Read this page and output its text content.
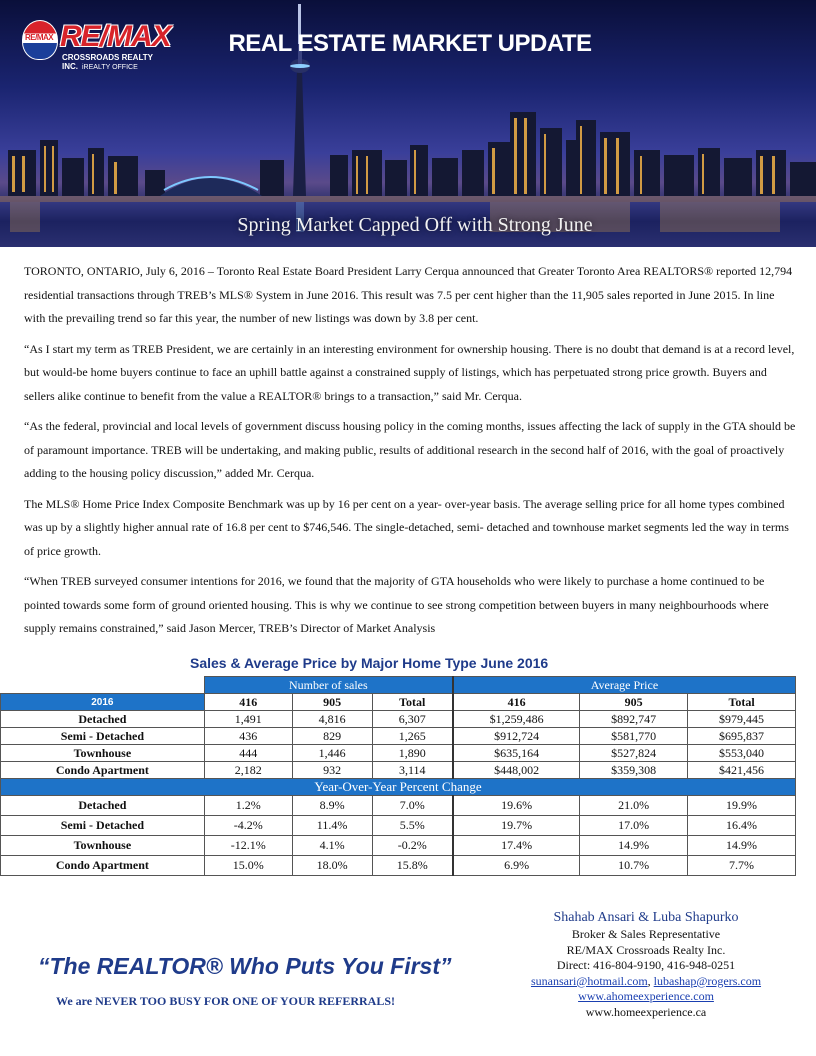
RE/MAX RE/MAX
CROSSROADS REALTY INC. iREALTY OFFICE
REAL ESTATE MARKET UPDATE
Spring Market Capped Off with Strong June

TORONTO, ONTARIO, July 6, 2016 – Toronto Real Estate Board President Larry Cerqua announced that Greater Toronto Area REALTORS® reported 12,794 residential transactions through TREB’s MLS® System in June 2016. This result was 7.5 per cent higher than the 11,905 sales reported in June 2015. In line with the prevailing trend so far this year, the number of new listings was down by 3.8 per cent.

“As I start my term as TREB President, we are certainly in an interesting environment for ownership housing. There is no doubt that demand is at a record level, but would-be home buyers continue to face an uphill battle against a constrained supply of listings, which has perpetuated strong price growth. Buyers and sellers alike continue to benefit from the value a REALTOR® brings to a transaction,” said Mr. Cerqua.

“As the federal, provincial and local levels of government discuss housing policy in the coming months, issues affecting the lack of supply in the GTA should be of paramount importance. TREB will be undertaking, and making public, results of additional research in the second half of 2016, with the goal of proactively adding to the housing policy discussion,” added Mr. Cerqua.

The MLS® Home Price Index Composite Benchmark was up by 16 per cent on a year- over-year basis. The average selling price for all home types combined was up by a slightly higher annual rate of 16.8 per cent to $746,546. The single-detached, semi- detached and townhouse market segments led the way in terms of price growth.

“When TREB surveyed consumer intentions for 2016, we found that the majority of GTA households who were likely to purchase a home continued to be pointed towards some form of ground oriented housing. This is why we continue to see strong competition between buyers in many neighbourhoods where supply remains constrained,” said Jason Mercer, TREB’s Director of Market Analysis

Sales & Average Price by Major Home Type June 2016
	Number of sales			Average Price		
2016	416	905	Total	416	905	Total
Detached	1,491	4,816	6,307	$1,259,486	$892,747	$979,445
Semi - Detached	436	829	1,265	$912,724	$581,770	$695,837
Townhouse	444	1,446	1,890	$635,164	$527,824	$553,040
Condo Apartment	2,182	932	3,114	$448,002	$359,308	$421,456
Year-Over-Year Percent Change						
Detached	1.2%	8.9%	7.0%	19.6%	21.0%	19.9%
Semi - Detached	-4.2%	11.4%	5.5%	19.7%	17.0%	16.4%
Townhouse	-12.1%	4.1%	-0.2%	17.4%	14.9%	14.9%
Condo Apartment	15.0%	18.0%	15.8%	6.9%	10.7%	7.7%
“The REALTOR® Who Puts You First”
We are NEVER TOO BUSY FOR ONE OF YOUR REFERRALS!
Shahab Ansari & Luba Shapurko
Broker & Sales Representative
RE/MAX Crossroads Realty Inc.
Direct: 416-804-9190, 416-948-0251
sunansari@hotmail.com, lubashap@rogers.com
www.ahomeexperience.com
www.homeexperience.ca
